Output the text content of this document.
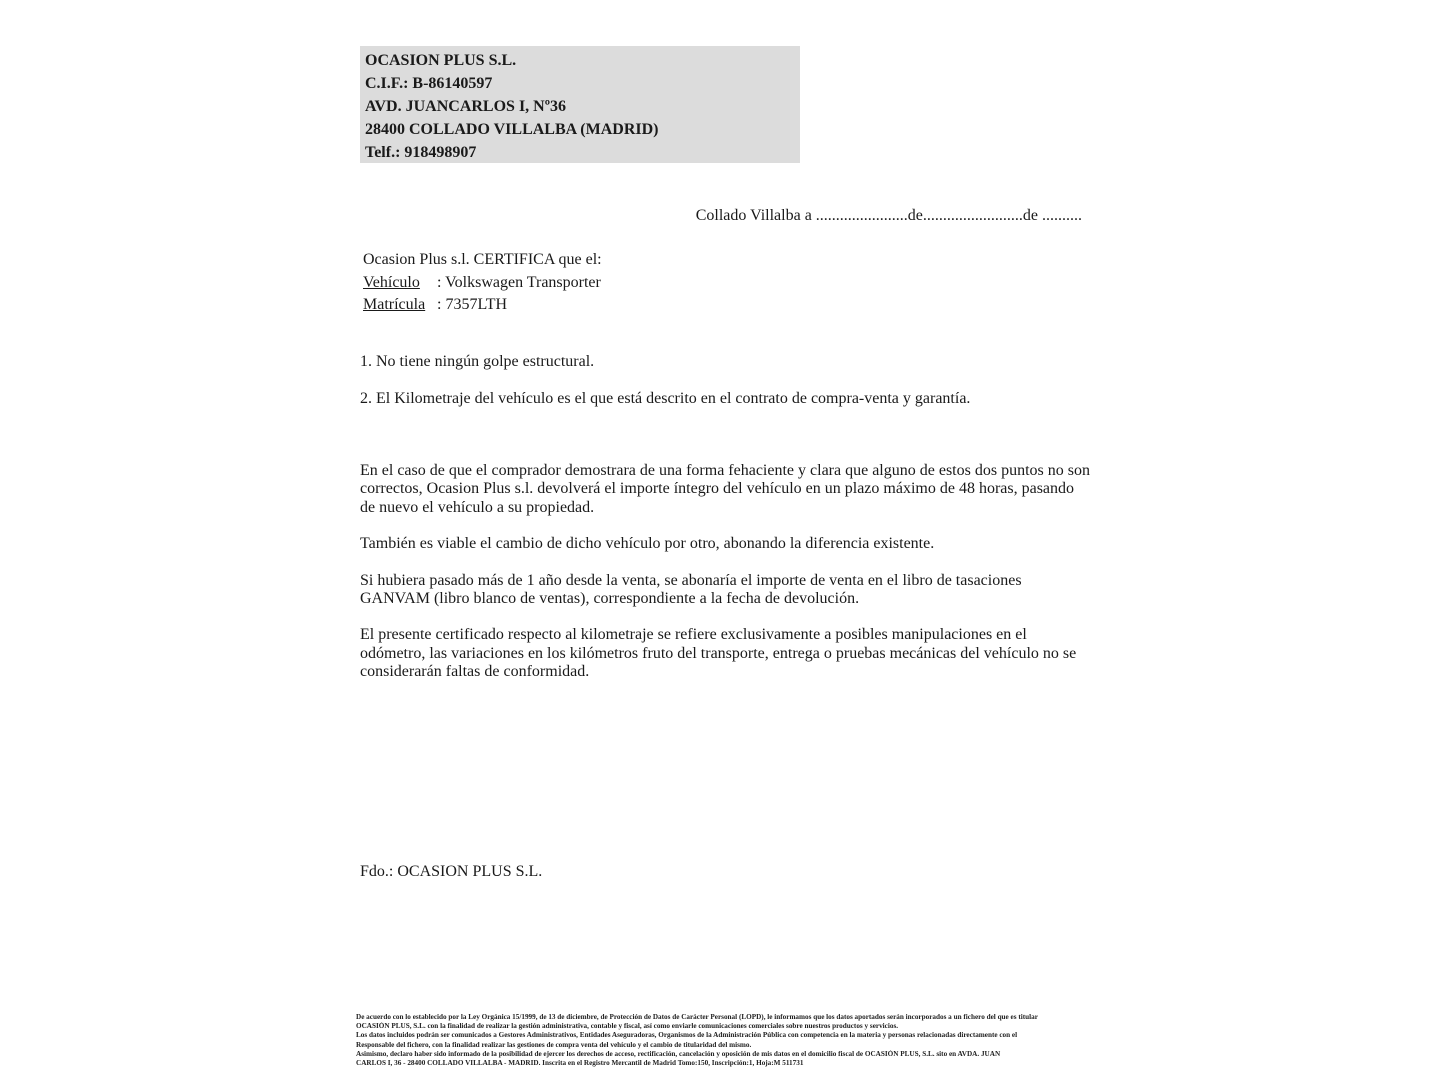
OCASION PLUS S.L.
C.I.F.: B-86140597
AVD. JUANCARLOS I, Nº36
28400 COLLADO VILLALBA (MADRID)
Telf.: 918498907
Collado Villalba a .......................de.........................de ..........
Ocasion Plus s.l. CERTIFICA que el:
Vehículo	: Volkswagen Transporter
Matrícula : 7357LTH
1. No tiene ningún golpe estructural.
2. El Kilometraje del vehículo es el que está descrito en el contrato de compra-venta y garantía.

En el caso de que el comprador demostrara de una forma fehaciente y clara que alguno de estos dos puntos no son correctos, Ocasion Plus s.l. devolverá el importe íntegro del vehículo en un plazo máximo de 48 horas, pasando de nuevo el vehículo a su propiedad.

También es viable el cambio de dicho vehículo por otro, abonando la diferencia existente.

Si hubiera pasado más de 1 año desde la venta, se abonaría el importe de venta en el libro de tasaciones GANVAM (libro blanco de ventas), correspondiente a la fecha de devolución.

El presente certificado respecto al kilometraje se refiere exclusivamente a posibles manipulaciones en el odómetro, las variaciones en los kilómetros fruto del transporte, entrega o pruebas mecánicas del vehículo no se considerarán faltas de conformidad.

Fdo.: OCASION PLUS S.L.
De acuerdo con lo establecido por la Ley Orgánica 15/1999, de 13 de diciembre, de Protección de Datos de Carácter Personal (LOPD), le informamos que los datos aportados serán incorporados a un fichero del que es titular
OCASIÓN PLUS, S.L. con la finalidad de realizar la gestión administrativa, contable y fiscal, así como enviarle comunicaciones comerciales sobre nuestros productos y servicios.
Los datos incluidos podrán ser comunicados a Gestores Administrativos, Entidades Aseguradoras, Organismos de la Administración Pública con competencia en la materia y personas relacionadas directamente con el
Responsable del fichero, con la finalidad realizar las gestiones de compra venta del vehículo y el cambio de titularidad del mismo.
Asimismo, declaro haber sido informado de la posibilidad de ejercer los derechos de acceso, rectificación, cancelación y oposición de mis datos en el domicilio fiscal de OCASIÓN PLUS, S.L. sito en AVDA. JUAN
CARLOS I, 36 - 28400 COLLADO VILLALBA - MADRID. Inscrita en el Registro Mercantil de Madrid Tomo:150, Inscripción:1, Hoja:M 511731
